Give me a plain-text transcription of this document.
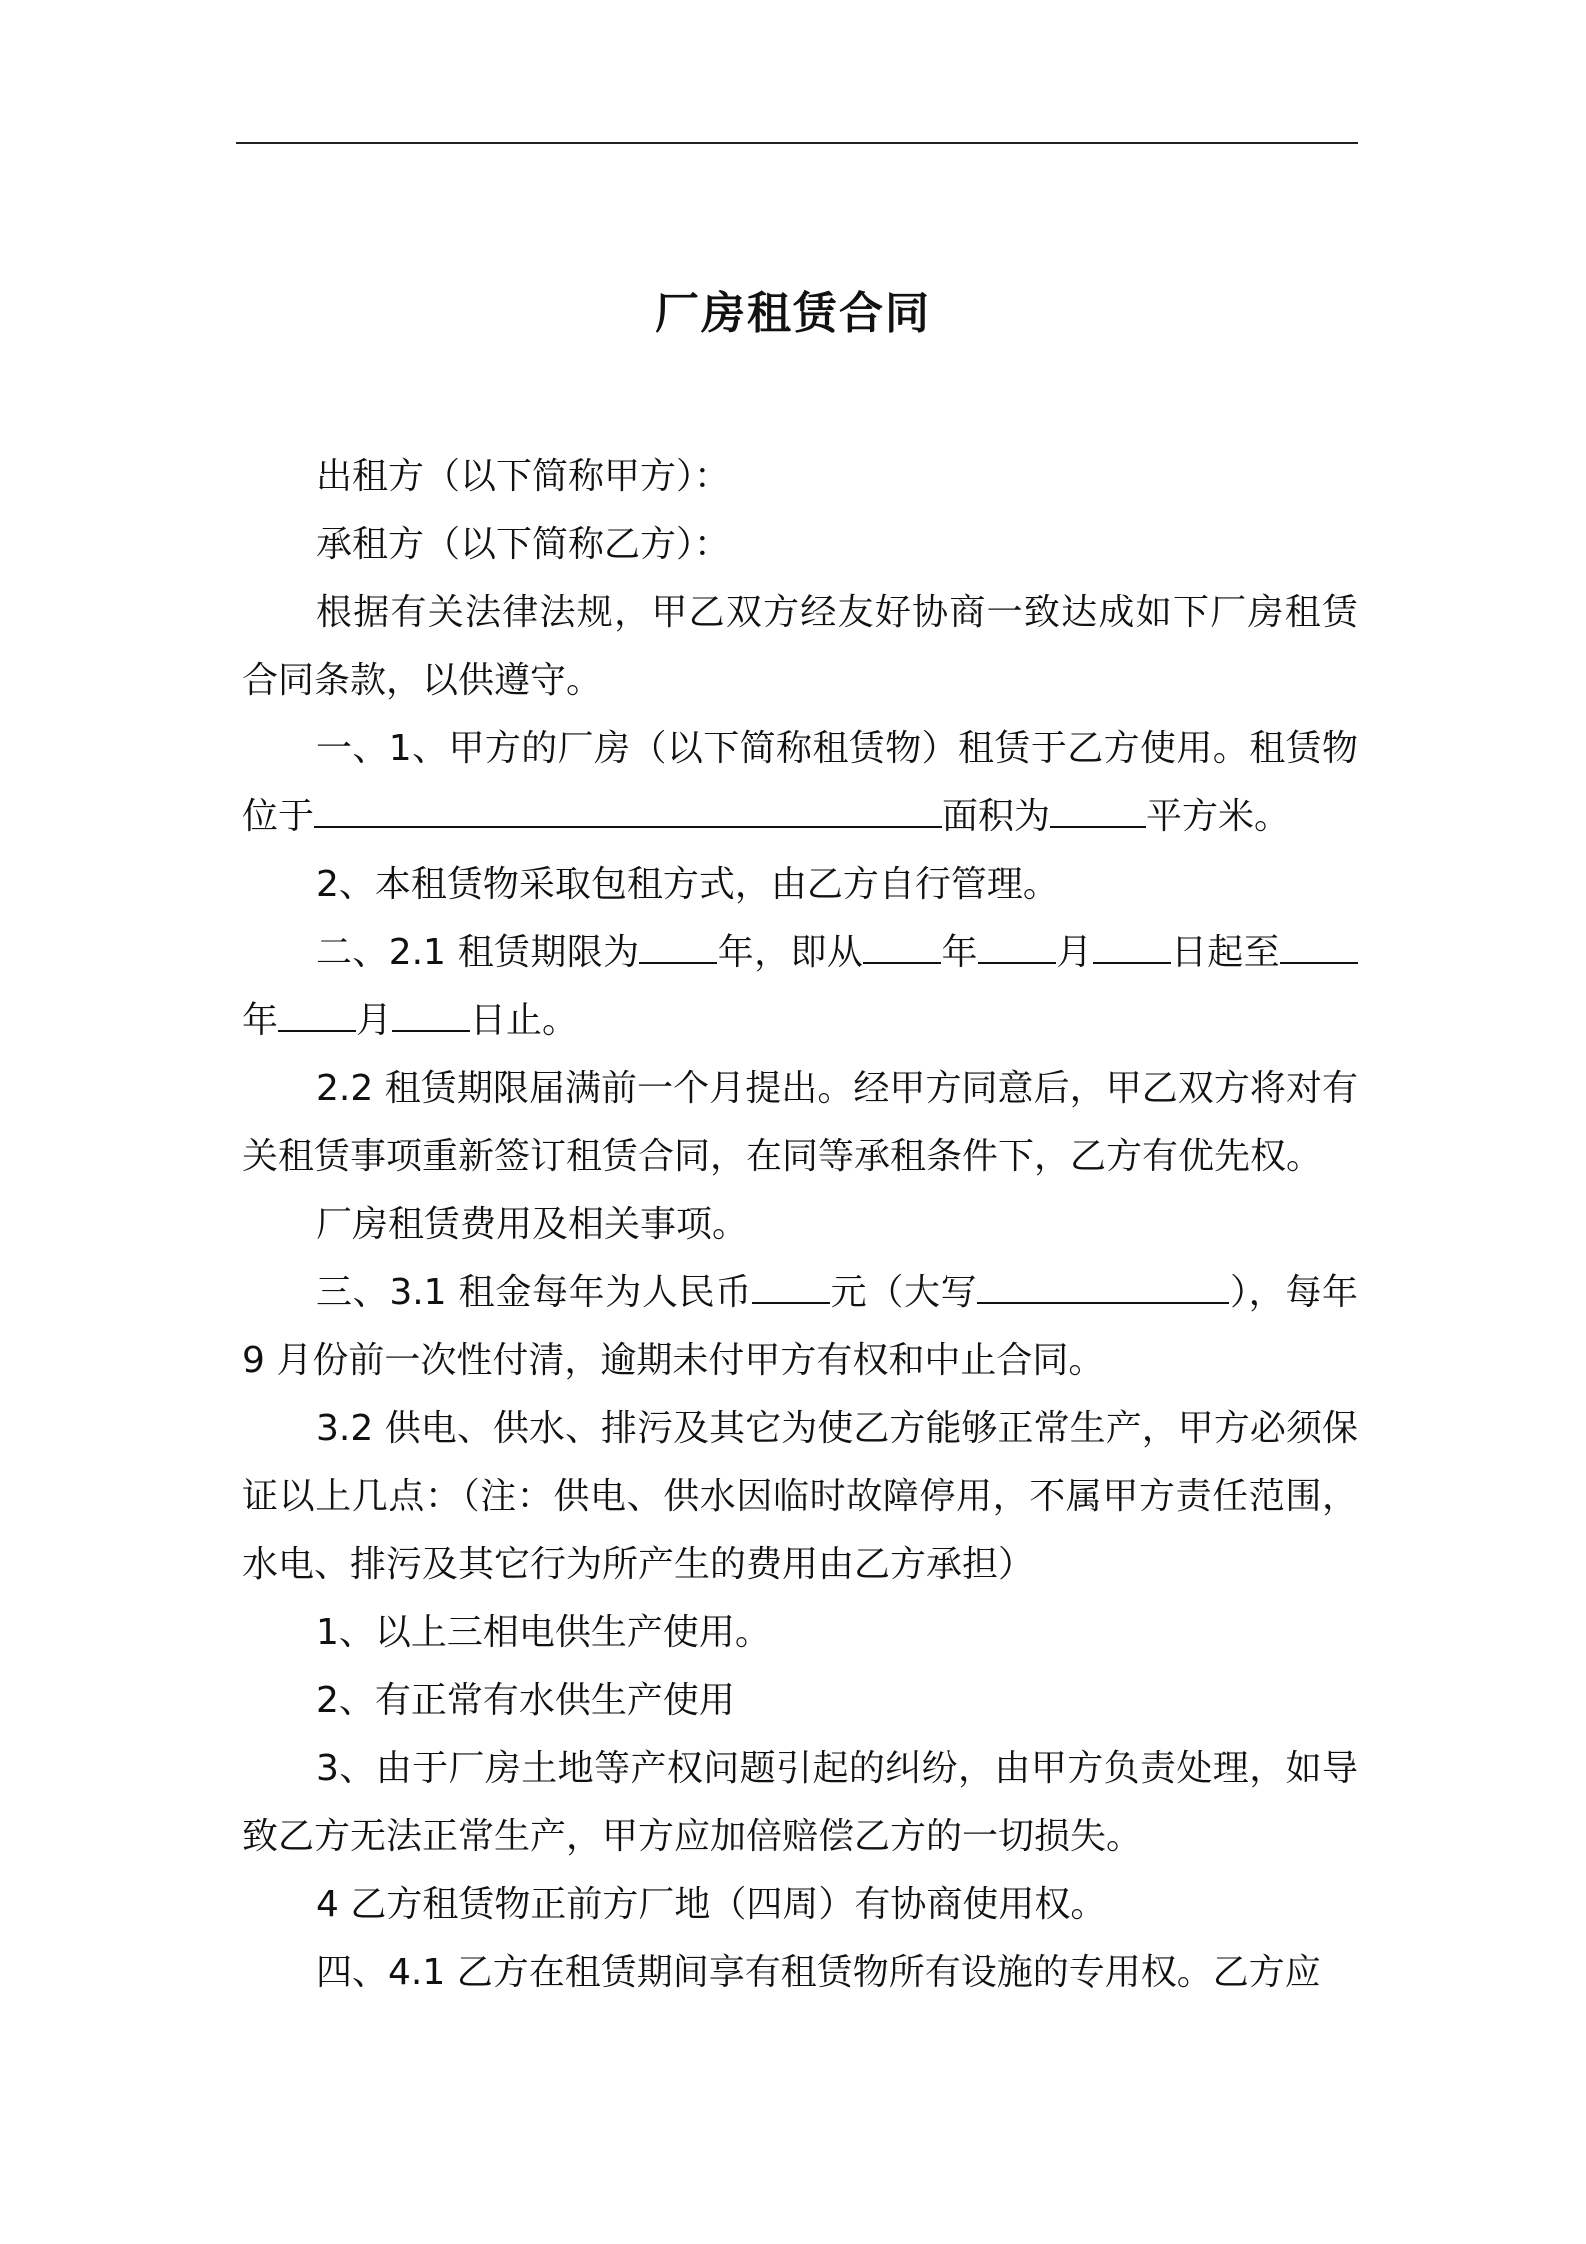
厂房租赁合同

出租方（以下简称甲方）：

承租方（以下简称乙方）：

根据有关法律法规，甲乙双方经友好协商一致达成如下厂房租赁合同条款，以供遵守。

一、1、甲方的厂房（以下简称租赁物）租赁于乙方使用。租赁物位于	面积为	平方米。

2、本租赁物采取包租方式，由乙方自行管理。

二、2.1 租赁期限为 年，即从 年 月 日起至年 月 日止。

2.2 租赁期限届满前一个月提出。经甲方同意后，甲乙双方将对有关租赁事项重新签订租赁合同，在同等承租条件下，乙方有优先权。

厂房租赁费用及相关事项。

三、3.1 租金每年为人民币 元（大写	），每年 9 月份前一次性付清，逾期未付甲方有权和中止合同。

3.2 供电、供水、排污及其它为使乙方能够正常生产，甲方必须保证以上几点：（注：供电、供水因临时故障停用，不属甲方责任范围，水电、排污及其它行为所产生的费用由乙方承担）

1、以上三相电供生产使用。

2、有正常有水供生产使用

3、由于厂房土地等产权问题引起的纠纷，由甲方负责处理，如导致乙方无法正常生产，甲方应加倍赔偿乙方的一切损失。

4 乙方租赁物正前方厂地（四周）有协商使用权。

四、4.1 乙方在租赁期间享有租赁物所有设施的专用权。乙方应
